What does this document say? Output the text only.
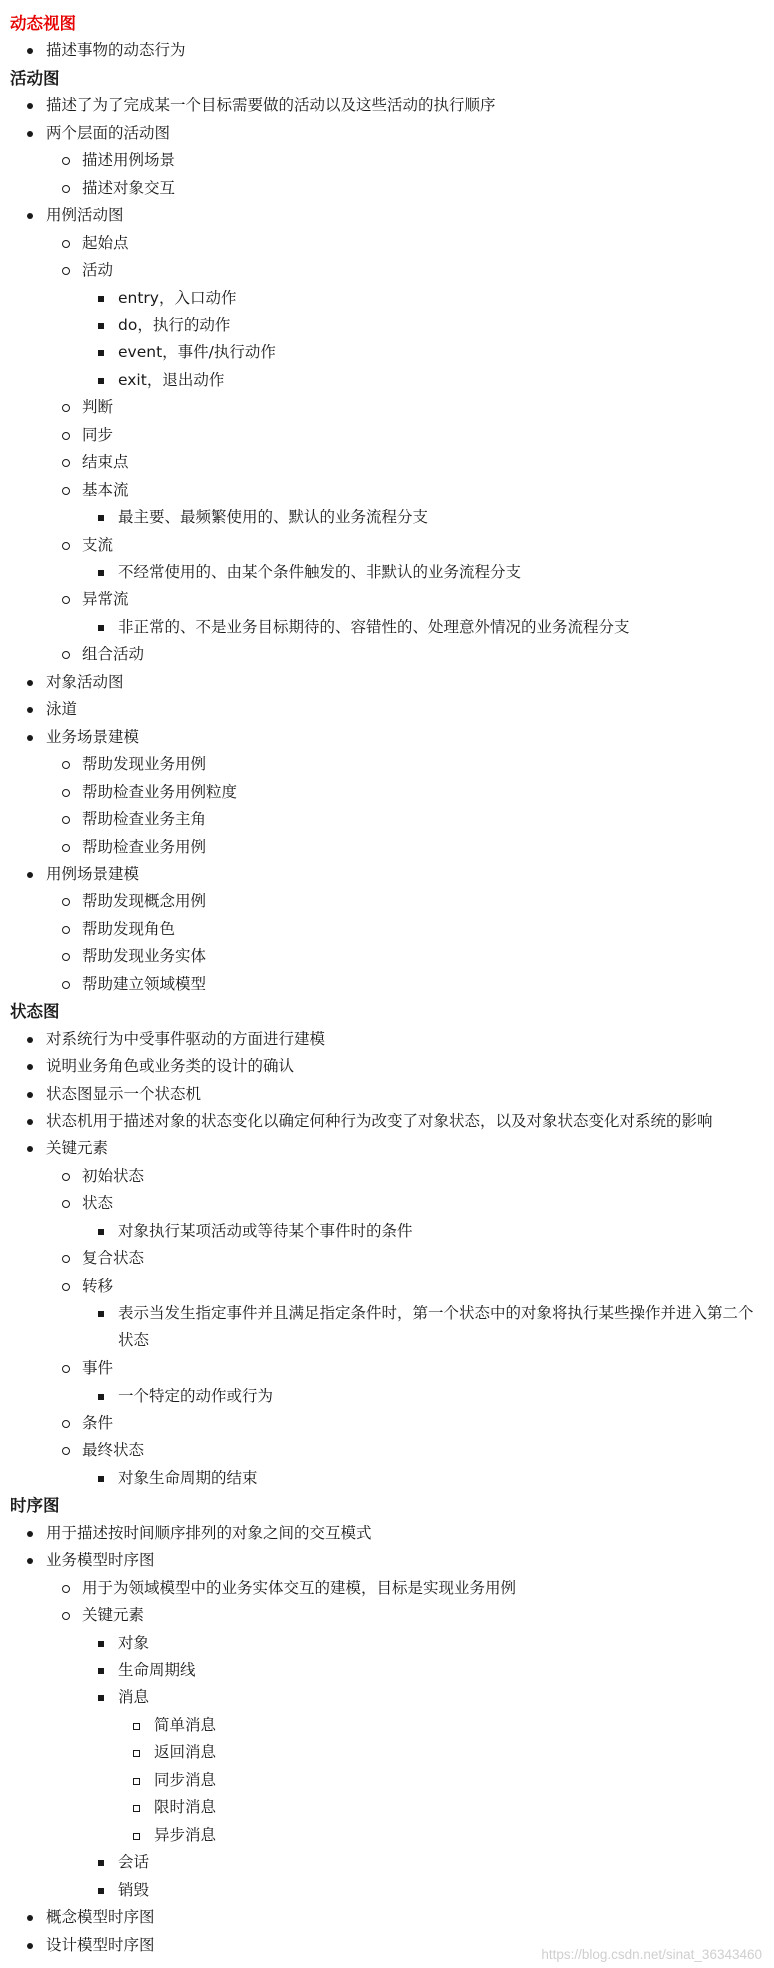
动态视图
描述事物的动态行为
活动图
描述了为了完成某一个目标需要做的活动以及这些活动的执行顺序
两个层面的活动图
描述用例场景
描述对象交互
用例活动图
起始点
活动
entry，入口动作
do，执行的动作
event，事件/执行动作
exit，退出动作
判断
同步
结束点
基本流
最主要、最频繁使用的、默认的业务流程分支
支流
不经常使用的、由某个条件触发的、非默认的业务流程分支
异常流
非正常的、不是业务目标期待的、容错性的、处理意外情况的业务流程分支
组合活动
对象活动图
泳道
业务场景建模
帮助发现业务用例
帮助检查业务用例粒度
帮助检查业务主角
帮助检查业务用例
用例场景建模
帮助发现概念用例
帮助发现角色
帮助发现业务实体
帮助建立领域模型
状态图
对系统行为中受事件驱动的方面进行建模
说明业务角色或业务类的设计的确认
状态图显示一个状态机
状态机用于描述对象的状态变化以确定何种行为改变了对象状态，以及对象状态变化对系统的影响
关键元素
初始状态
状态
对象执行某项活动或等待某个事件时的条件
复合状态
转移
表示当发生指定事件并且满足指定条件时，第一个状态中的对象将执行某些操作并进入第二个状态
事件
一个特定的动作或行为
条件
最终状态
对象生命周期的结束
时序图
用于描述按时间顺序排列的对象之间的交互模式
业务模型时序图
用于为领域模型中的业务实体交互的建模，目标是实现业务用例
关键元素
对象
生命周期线
消息
简单消息
返回消息
同步消息
限时消息
异步消息
会话
销毁
概念模型时序图
设计模型时序图
https://blog.csdn.net/sinat_36343460
